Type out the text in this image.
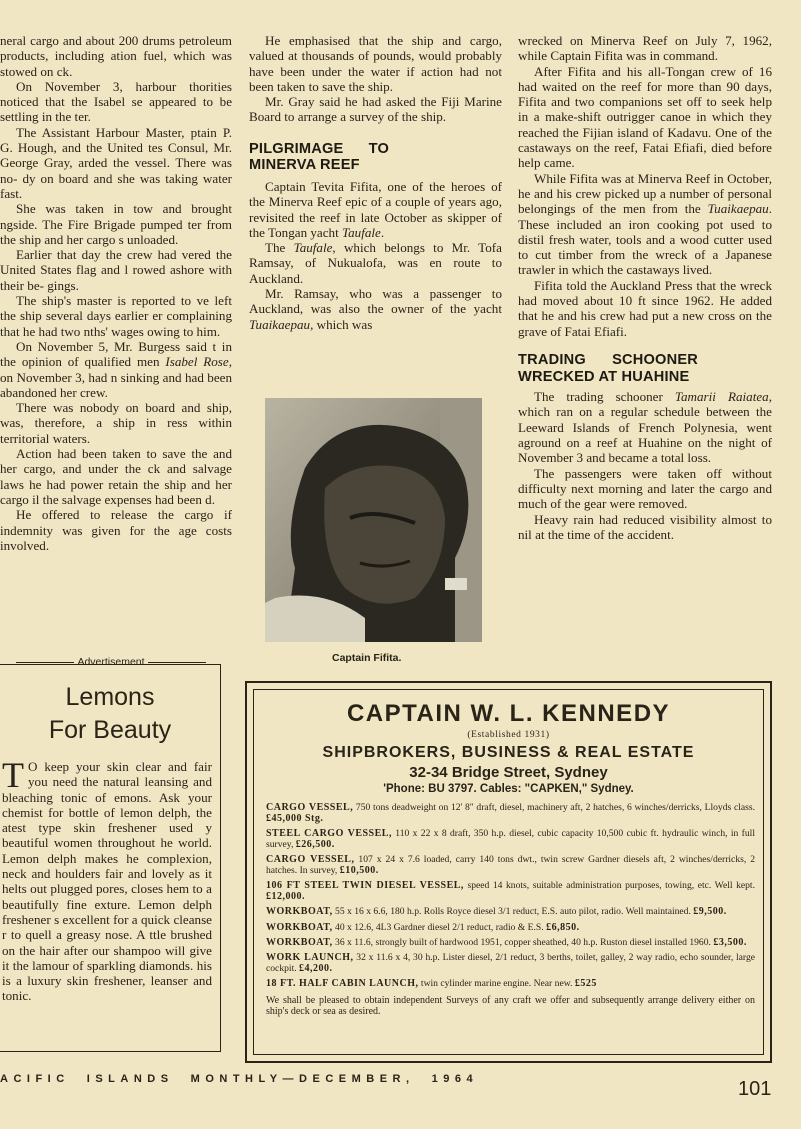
neral cargo and about 200 drums petroleum products, including ation fuel, which was stowed on ck.

On November 3, harbour thorities noticed that the Isabel se appeared to be settling in the ter.

The Assistant Harbour Master, ptain P. G. Hough, and the United tes Consul, Mr. George Gray, arded the vessel. There was no- dy on board and she was taking water fast.

She was taken in tow and brought ngside. The Fire Brigade pumped ter from the ship and her cargo s unloaded.

Earlier that day the crew had vered the United States flag and l rowed ashore with their be- gings.

The ship's master is reported to ve left the ship several days earlier er complaining that he had two nths' wages owing to him.

On November 5, Mr. Burgess said t in the opinion of qualified men Isabel Rose, on November 3, had n sinking and had been abandoned her crew.

There was nobody on board and ship, was, therefore, a ship in ress within territorial waters.

Action had been taken to save the and her cargo, and under the ck and salvage laws he had power retain the ship and her cargo il the salvage expenses had been d.

He offered to release the cargo if indemnity was given for the age costs involved.

Advertisement
Lemons
For Beauty
T O keep your skin clear and fair you need the natural leansing and bleaching tonic of emons. Ask your chemist for bottle of lemon delph, the atest type skin freshener used y beautiful women throughout he world. Lemon delph makes he complexion, neck and houlders fair and lovely as it helts out plugged pores, closes hem to a beautifully fine exture. Lemon delph freshener s excellent for a quick cleanse r to quell a greasy nose. A ttle brushed on the hair after our shampoo will give it the lamour of sparkling diamonds. his is a luxury skin freshener, leanser and tonic.

He emphasised that the ship and cargo, valued at thousands of pounds, would probably have been under the water if action had not been taken to save the ship.

Mr. Gray said he had asked the Fiji Marine Board to arrange a survey of the ship.

PILGRIMAGE TO MINERVA REEF

Captain Tevita Fifita, one of the heroes of the Minerva Reef epic of a couple of years ago, revisited the reef in late October as skipper of the Tongan yacht Taufale.

The Taufale, which belongs to Mr. Tofa Ramsay, of Nukualofa, was en route to Auckland.

Mr. Ramsay, who was a passenger to Auckland, was also the owner of the yacht Tuaikaepau, which was

Captain Fifita.

wrecked on Minerva Reef on July 7, 1962, while Captain Fifita was in command.

After Fifita and his all-Tongan crew of 16 had waited on the reef for more than 90 days, Fifita and two companions set off to seek help in a make-shift outrigger canoe in which they reached the Fijian island of Kadavu. One of the castaways on the reef, Fatai Efiafi, died before help came.

While Fifita was at Minerva Reef in October, he and his crew picked up a number of personal belongings of the men from the Tuaikaepau. These included an iron cooking pot used to distil fresh water, tools and a wood cutter used to cut timber from the wreck of a Japanese trawler in which the castaways lived.

Fifita told the Auckland Press that the wreck had moved about 10 ft since 1962. He added that he and his crew had put a new cross on the grave of Fatai Efiafi.

TRADING SCHOONER WRECKED AT HUAHINE

The trading schooner Tamarii Raiatea, which ran on a regular schedule between the Leeward Islands of French Polynesia, went aground on a reef at Huahine on the night of November 3 and became a total loss.

The passengers were taken off without difficulty next morning and later the cargo and much of the gear were removed.

Heavy rain had reduced visibility almost to nil at the time of the accident.

CAPTAIN W. L. KENNEDY
(Established 1931)
SHIPBROKERS, BUSINESS & REAL ESTATE
32-34 Bridge Street, Sydney
'Phone: BU 3797. Cables: "CAPKEN," Sydney.

CARGO VESSEL, 750 tons deadweight on 12' 8" draft, diesel, machinery aft, 2 hatches, 6 winches/derricks, Lloyds class. £45,000 Stg.

STEEL CARGO VESSEL, 110 x 22 x 8 draft, 350 h.p. diesel, cubic capacity 10,500 cubic ft. hydraulic winch, in full survey, £26,500.

CARGO VESSEL, 107 x 24 x 7.6 loaded, carry 140 tons dwt., twin screw Gardner diesels aft, 2 winches/derricks, 2 hatches. In survey, £10,500.

106 FT STEEL TWIN DIESEL VESSEL, speed 14 knots, suitable administration purposes, towing, etc. Well kept. £12,000.

WORKBOAT, 55 x 16 x 6.6, 180 h.p. Rolls Royce diesel 3/1 reduct, E.S. auto pilot, radio. Well maintained. £9,500.

WORKBOAT, 40 x 12.6, 4L3 Gardner diesel 2/1 reduct, radio & E.S. £6,850.

WORKBOAT, 36 x 11.6, strongly built of hardwood 1951, copper sheathed, 40 h.p. Ruston diesel installed 1960. £3,500.

WORK LAUNCH, 32 x 11.6 x 4, 30 h.p. Lister diesel, 2/1 reduct, 3 berths, toilet, galley, 2 way radio, echo sounder, large cockpit. £4,200.

18 FT. HALF CABIN LAUNCH, twin cylinder marine engine. Near new. £525

We shall be pleased to obtain independent Surveys of any craft we offer and subsequently arrange delivery either on ship's deck or sea as desired.
ACIFIC  ISLANDS  MONTHLY—DECEMBER,  1964	101
